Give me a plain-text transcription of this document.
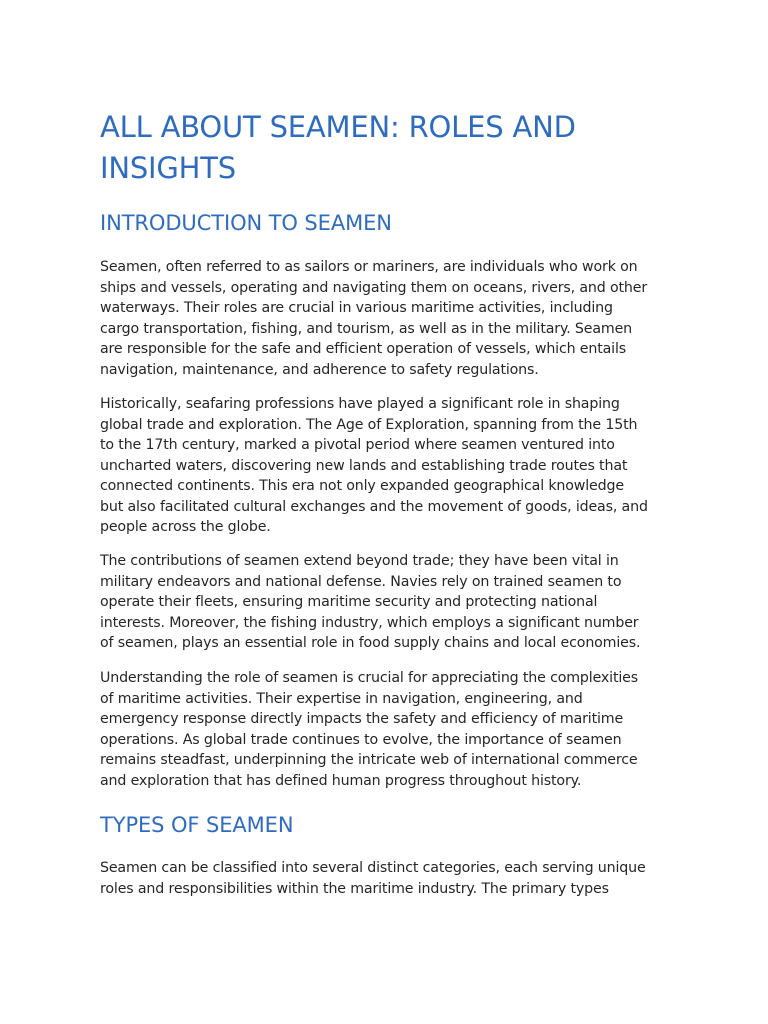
ALL ABOUT SEAMEN: ROLES AND
INSIGHTS
INTRODUCTION TO SEAMEN

Seamen, often referred to as sailors or mariners, are individuals who work on
ships and vessels, operating and navigating them on oceans, rivers, and other
waterways. Their roles are crucial in various maritime activities, including
cargo transportation, fishing, and tourism, as well as in the military. Seamen
are responsible for the safe and efficient operation of vessels, which entails
navigation, maintenance, and adherence to safety regulations.

Historically, seafaring professions have played a significant role in shaping
global trade and exploration. The Age of Exploration, spanning from the 15th
to the 17th century, marked a pivotal period where seamen ventured into
uncharted waters, discovering new lands and establishing trade routes that
connected continents. This era not only expanded geographical knowledge
but also facilitated cultural exchanges and the movement of goods, ideas, and
people across the globe.

The contributions of seamen extend beyond trade; they have been vital in
military endeavors and national defense. Navies rely on trained seamen to
operate their fleets, ensuring maritime security and protecting national
interests. Moreover, the fishing industry, which employs a significant number
of seamen, plays an essential role in food supply chains and local economies.

Understanding the role of seamen is crucial for appreciating the complexities
of maritime activities. Their expertise in navigation, engineering, and
emergency response directly impacts the safety and efficiency of maritime
operations. As global trade continues to evolve, the importance of seamen
remains steadfast, underpinning the intricate web of international commerce
and exploration that has defined human progress throughout history.

TYPES OF SEAMEN

Seamen can be classified into several distinct categories, each serving unique
roles and responsibilities within the maritime industry. The primary types
